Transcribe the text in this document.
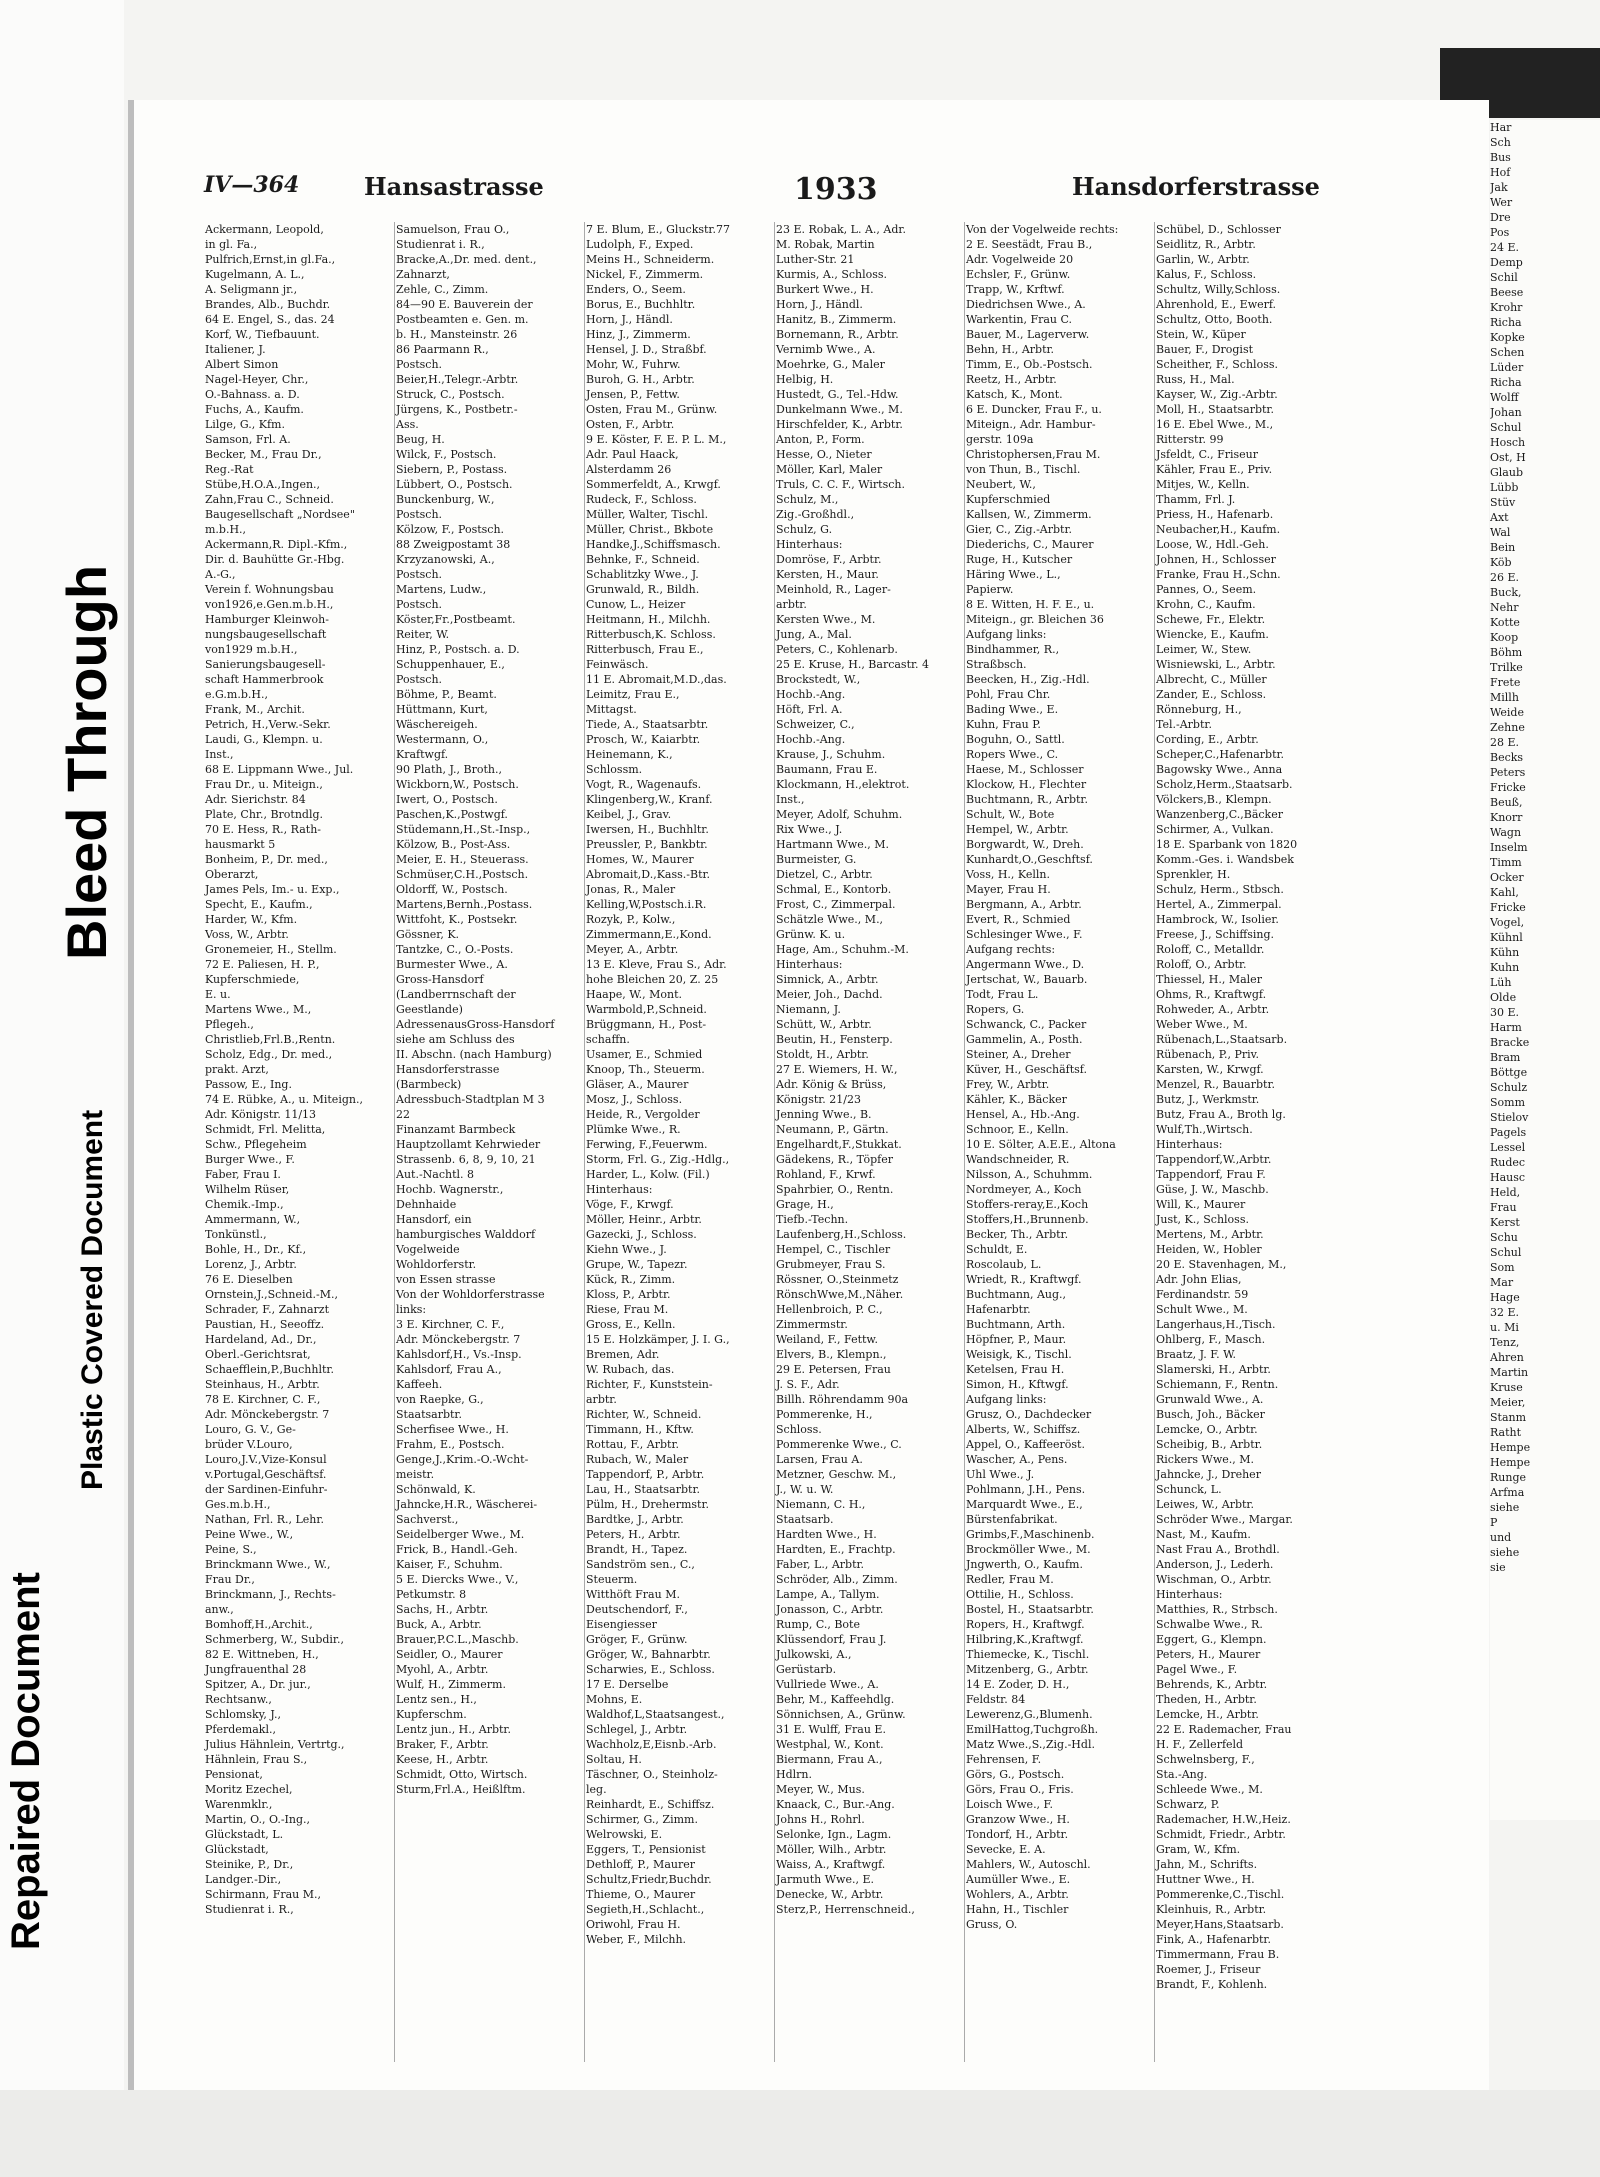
Repaired Document
Plastic Covered Document
Bleed Through
IV—364	Hansastrasse	1933	Hansdorferstrasse
Ackermann, Leopold,
in gl. Fa.,
Pulfrich,Ernst,in gl.Fa.,
Kugelmann, A. L.,
A. Seligmann jr.,
Brandes, Alb., Buchdr.
64 E. Engel, S., das. 24
Korf, W., Tiefbauunt.
Italiener, J.
Albert Simon
Nagel-Heyer, Chr.,
O.-Bahnass. a. D.
Fuchs, A., Kaufm.
Lilge, G., Kfm.
Samson, Frl. A.
Becker, M., Frau Dr.,
Reg.-Rat
Stübe,H.O.A.,Ingen.,
Zahn,Frau C., Schneid.
Baugesellschaft „Nordsee"
m.b.H.,
Ackermann,R. Dipl.-Kfm.,
Dir. d. Bauhütte Gr.-Hbg.
A.-G.,
Verein f. Wohnungsbau
von1926,e.Gen.m.b.H.,
Hamburger Kleinwoh-
nungsbaugesellschaft
von1929 m.b.H.,
Sanierungsbaugesell-
schaft Hammerbrook
e.G.m.b.H.,
Frank, M., Archit.
Petrich, H.,Verw.-Sekr.
Laudi, G., Klempn. u.
Inst.,
68 E. Lippmann Wwe., Jul.
Frau Dr., u. Miteign.,
Adr. Sierichstr. 84
Plate, Chr., Brotndlg.
70 E. Hess, R., Rath-
hausmarkt 5
Bonheim, P., Dr. med.,
Oberarzt,
James Pels, Im.- u. Exp.,
Specht, E., Kaufm.,
Harder, W., Kfm.
Voss, W., Arbtr.
Gronemeier, H., Stellm.
72 E. Paliesen, H. P.,
Kupferschmiede,
E. u.
Martens Wwe., M.,
Pflegeh.,
Christlieb,Frl.B.,Rentn.
Scholz, Edg., Dr. med.,
prakt. Arzt,
Passow, E., Ing.
74 E. Rübke, A., u. Miteign.,
Adr. Königstr. 11/13
Schmidt, Frl. Melitta,
Schw., Pflegeheim
Burger Wwe., F.
Faber, Frau I.
Wilhelm Rüser,
Chemik.-Imp.,
Ammermann, W.,
Tonkünstl.,
Bohle, H., Dr., Kf.,
Lorenz, J., Arbtr.
76 E. Dieselben
Ornstein,J.,Schneid.-M.,
Schrader, F., Zahnarzt
Paustian, H., Seeoffz.
Hardeland, Ad., Dr.,
Oberl.-Gerichtsrat,
Schaefflein,P.,Buchhltr.
Steinhaus, H., Arbtr.
78 E. Kirchner, C. F.,
Adr. Mönckebergstr. 7
Louro, G. V., Ge-
brüder V.Louro,
Louro,J.V.,Vize-Konsul
v.Portugal,Geschäftsf.
der Sardinen-Einfuhr-
Ges.m.b.H.,
Nathan, Frl. R., Lehr.
Peine Wwe., W.,
Peine, S.,
Brinckmann Wwe., W.,
Frau Dr.,
Brinckmann, J., Rechts-
anw.,
Bomhoff,H.,Archit.,
Schmerberg, W., Subdir.,
82 E. Wittneben, H.,
Jungfrauenthal 28
Spitzer, A., Dr. jur.,
Rechtsanw.,
Schlomsky, J.,
Pferdemakl.,
Julius Hähnlein, Vertrtg.,
Hähnlein, Frau S.,
Pensionat,
Moritz Ezechel,
Warenmklr.,
Martin, O., O.-Ing.,
Glückstadt, L.
Glückstadt,
Steinike, P., Dr.,
Landger.-Dir.,
Schirmann, Frau M.,
Studienrat i. R.,
Samuelson, Frau O.,
Studienrat i. R.,
Bracke,A.,Dr. med. dent.,
Zahnarzt,
Zehle, C., Zimm.
84—90 E. Bauverein der
Postbeamten e. Gen. m.
b. H., Mansteinstr. 26
86 Paarmann R.,
Postsch.
Beier,H.,Telegr.-Arbtr.
Struck, C., Postsch.
Jürgens, K., Postbetr.-
Ass.
Beug, H.
Wilck, F., Postsch.
Siebern, P., Postass.
Lübbert, O., Postsch.
Bunckenburg, W.,
Postsch.
Kölzow, F., Postsch.
88 Zweigpostamt 38
Krzyzanowski, A.,
Postsch.
Martens, Ludw.,
Postsch.
Köster,Fr.,Postbeamt.
Reiter, W.
Hinz, P., Postsch. a. D.
Schuppenhauer, E.,
Postsch.
Böhme, P., Beamt.
Hüttmann, Kurt,
Wäschereigeh.
Westermann, O.,
Kraftwgf.
90 Plath, J., Broth.,
Wickborn,W., Postsch.
Iwert, O., Postsch.
Paschen,K.,Postwgf.
Stüdemann,H.,St.-Insp.,
Kölzow, B., Post-Ass.
Meier, E. H., Steuerass.
Schmüser,C.H.,Postsch.
Oldorff, W., Postsch.
Martens,Bernh.,Postass.
Wittfoht, K., Postsekr.
Gössner, K.
Tantzke, C., O.-Posts.
Burmester Wwe., A.
Gross-Hansdorf
(Landberrnschaft der
Geestlande)
AdressenausGross-Hansdorf
siehe am Schluss des
II. Abschn. (nach Hamburg)
Hansdorferstrasse
(Barmbeck)
Adressbuch-Stadtplan M 3
22
Finanzamt Barmbeck
Hauptzollamt Kehrwieder
Strassenb. 6, 8, 9, 10, 21
Aut.-Nachtl. 8
Hochb. Wagnerstr.,
Dehnhaide
Hansdorf, ein
hamburgisches Walddorf
Vogelweide
Wohldorferstr.
von Essen strasse
Von der Wohldorferstrasse
links:
3 E. Kirchner, C. F.,
Adr. Mönckebergstr. 7
Kahlsdorf,H., Vs.-Insp.
Kahlsdorf, Frau A.,
Kaffeeh.
von Raepke, G.,
Staatsarbtr.
Scherfisee Wwe., H.
Frahm, E., Postsch.
Genge,J.,Krim.-O.-Wcht-
meistr.
Schönwald, K.
Jahncke,H.R., Wäscherei-
Sachverst.,
Seidelberger Wwe., M.
Frick, B., Handl.-Geh.
Kaiser, F., Schuhm.
5 E. Diercks Wwe., V.,
Petkumstr. 8
Sachs, H., Arbtr.
Buck, A., Arbtr.
Brauer,P.C.L.,Maschb.
Seidler, O., Maurer
Myohl, A., Arbtr.
Wulf, H., Zimmerm.
Lentz sen., H.,
Kupferschm.
Lentz jun., H., Arbtr.
Braker, F., Arbtr.
Keese, H., Arbtr.
Schmidt, Otto, Wirtsch.
Sturm,Frl.A., Heißlftm.
7 E. Blum, E., Gluckstr.77
Ludolph, F., Exped.
Meins H., Schneiderm.
Nickel, F., Zimmerm.
Enders, O., Seem.
Borus, E., Buchhltr.
Horn, J., Händl.
Hinz, J., Zimmerm.
Hensel, J. D., Straßbf.
Mohr, W., Fuhrw.
Buroh, G. H., Arbtr.
Jensen, P., Fettw.
Osten, Frau M., Grünw.
Osten, F., Arbtr.
9 E. Köster, F. E. P. L. M.,
Adr. Paul Haack,
Alsterdamm 26
Sommerfeldt, A., Krwgf.
Rudeck, F., Schloss.
Müller, Walter, Tischl.
Müller, Christ., Bkbote
Handke,J.,Schiffsmasch.
Behnke, F., Schneid.
Schablitzky Wwe., J.
Grunwald, R., Bildh.
Cunow, L., Heizer
Heitmann, H., Milchh.
Ritterbusch,K. Schloss.
Ritterbusch, Frau E.,
Feinwäsch.
11 E. Abromait,M.D.,das.
Leimitz, Frau E.,
Mittagst.
Tiede, A., Staatsarbtr.
Prosch, W., Kaiarbtr.
Heinemann, K.,
Schlossm.
Vogt, R., Wagenaufs.
Klingenberg,W., Kranf.
Keibel, J., Grav.
Iwersen, H., Buchhltr.
Preussler, P., Bankbtr.
Homes, W., Maurer
Abromait,D.,Kass.-Btr.
Jonas, R., Maler
Kelling,W,Postsch.i.R.
Rozyk, P., Kolw.,
Zimmermann,E.,Kond.
Meyer, A., Arbtr.
13 E. Kleve, Frau S., Adr.
hohe Bleichen 20, Z. 25
Haape, W., Mont.
Warmbold,P.,Schneid.
Brüggmann, H., Post-
schaffn.
Usamer, E., Schmied
Knoop, Th., Steuerm.
Gläser, A., Maurer
Mosz, J., Schloss.
Heide, R., Vergolder
Plümke Wwe., R.
Ferwing, F.,Feuerwm.
Storm, Frl. G., Zig.-Hdlg.,
Harder, L., Kolw. (Fil.)
Hinterhaus:
Vöge, F., Krwgf.
Möller, Heinr., Arbtr.
Gazecki, J., Schloss.
Kiehn Wwe., J.
Grupe, W., Tapezr.
Kück, R., Zimm.
Kloss, P., Arbtr.
Riese, Frau M.
Gross, E., Kelln.
15 E. Holzkämper, J. I. G.,
Bremen, Adr.
W. Rubach, das.
Richter, F., Kunststein-
arbtr.
Richter, W., Schneid.
Timmann, H., Kftw.
Rottau, F., Arbtr.
Rubach, W., Maler
Tappendorf, P., Arbtr.
Lau, H., Staatsarbtr.
Pülm, H., Drehermstr.
Bardtke, J., Arbtr.
Peters, H., Arbtr.
Brandt, H., Tapez.
Sandström sen., C.,
Steuerm.
Witthöft Frau M.
Deutschendorf, F.,
Eisengiesser
Gröger, F., Grünw.
Gröger, W., Bahnarbtr.
Scharwies, E., Schloss.
17 E. Derselbe
Mohns, E.
Waldhof,L,Staatsangest.,
Schlegel, J., Arbtr.
Wachholz,E,Eisnb.-Arb.
Soltau, H.
Täschner, O., Steinholz-
leg.
Reinhardt, E., Schiffsz.
Schirmer, G., Zimm.
Welrowski, E.
Eggers, T., Pensionist
Dethloff, P., Maurer
Schultz,Friedr,Buchdr.
Thieme, O., Maurer
Segieth,H.,Schlacht.,
Oriwohl, Frau H.
Weber, F., Milchh.
23 E. Robak, L. A., Adr.
M. Robak, Martin
Luther-Str. 21
Kurmis, A., Schloss.
Burkert Wwe., H.
Horn, J., Händl.
Hanitz, B., Zimmerm.
Bornemann, R., Arbtr.
Vernimb Wwe., A.
Moehrke, G., Maler
Helbig, H.
Hustedt, G., Tel.-Hdw.
Dunkelmann Wwe., M.
Hirschfelder, K., Arbtr.
Anton, P., Form.
Hesse, O., Nieter
Möller, Karl, Maler
Truls, C. C. F., Wirtsch.
Schulz, M.,
Zig.-Großhdl.,
Schulz, G.
Hinterhaus:
Domröse, F., Arbtr.
Kersten, H., Maur.
Meinhold, R., Lager-
arbtr.
Kersten Wwe., M.
Jung, A., Mal.
Peters, C., Kohlenarb.
25 E. Kruse, H., Barcastr. 4
Brockstedt, W.,
Hochb.-Ang.
Höft, Frl. A.
Schweizer, C.,
Hochb.-Ang.
Krause, J., Schuhm.
Baumann, Frau E.
Klockmann, H.,elektrot.
Inst.,
Meyer, Adolf, Schuhm.
Rix Wwe., J.
Hartmann Wwe., M.
Burmeister, G.
Dietzel, C., Arbtr.
Schmal, E., Kontorb.
Frost, C., Zimmerpal.
Schätzle Wwe., M.,
Grünw. K. u.
Hage, Am., Schuhm.-M.
Hinterhaus:
Simnick, A., Arbtr.
Meier, Joh., Dachd.
Niemann, J.
Schütt, W., Arbtr.
Beutin, H., Fensterp.
Stoldt, H., Arbtr.
27 E. Wiemers, H. W.,
Adr. König & Brüss,
Königstr. 21/23
Jenning Wwe., B.
Neumann, P., Gärtn.
Engelhardt,F.,Stukkat.
Gädekens, R., Töpfer
Rohland, F., Krwf.
Spahrbier, O., Rentn.
Grage, H.,
Tiefb.-Techn.
Laufenberg,H.,Schloss.
Hempel, C., Tischler
Grubmeyer, Frau S.
Rössner, O.,Steinmetz
RönschWwe,M.,Näher.
Hellenbroich, P. C.,
Zimmermstr.
Weiland, F., Fettw.
Elvers, B., Klempn.,
29 E. Petersen, Frau
J. S. F., Adr.
Billh. Röhrendamm 90a
Pommerenke, H.,
Schloss.
Pommerenke Wwe., C.
Larsen, Frau A.
Metzner, Geschw. M.,
J., W. u. W.
Niemann, C. H.,
Staatsarb.
Hardten Wwe., H.
Hardten, E., Frachtp.
Faber, L., Arbtr.
Schröder, Alb., Zimm.
Lampe, A., Tallym.
Jonasson, C., Arbtr.
Rump, C., Bote
Klüssendorf, Frau J.
Julkowski, A.,
Gerüstarb.
Vullriede Wwe., A.
Behr, M., Kaffeehdlg.
Sönnichsen, A., Grünw.
31 E. Wulff, Frau E.
Westphal, W., Kont.
Biermann, Frau A.,
Hdlrn.
Meyer, W., Mus.
Knaack, C., Bur.-Ang.
Johns H., Rohrl.
Selonke, Ign., Lagm.
Möller, Wilh., Arbtr.
Waiss, A., Kraftwgf.
Jarmuth Wwe., E.
Denecke, W., Arbtr.
Sterz,P., Herrenschneid.,
Von der Vogelweide rechts:
2 E. Seestädt, Frau B.,
Adr. Vogelweide 20
Echsler, F., Grünw.
Trapp, W., Krftwf.
Diedrichsen Wwe., A.
Warkentin, Frau C.
Bauer, M., Lagerverw.
Behn, H., Arbtr.
Timm, E., Ob.-Postsch.
Reetz, H., Arbtr.
Katsch, K., Mont.
6 E. Duncker, Frau F., u.
Miteign., Adr. Hambur-
gerstr. 109a
Christophersen,Frau M.
von Thun, B., Tischl.
Neubert, W.,
Kupferschmied
Kallsen, W., Zimmerm.
Gier, C., Zig.-Arbtr.
Diederichs, C., Maurer
Ruge, H., Kutscher
Häring Wwe., L.,
Papierw.
8 E. Witten, H. F. E., u.
Miteign., gr. Bleichen 36
Aufgang links:
Bindhammer, R.,
Straßbsch.
Beecken, H., Zig.-Hdl.
Pohl, Frau Chr.
Bading Wwe., E.
Kuhn, Frau P.
Boguhn, O., Sattl.
Ropers Wwe., C.
Haese, M., Schlosser
Klockow, H., Flechter
Buchtmann, R., Arbtr.
Schult, W., Bote
Hempel, W., Arbtr.
Borgwardt, W., Dreh.
Kunhardt,O.,Geschftsf.
Voss, H., Kelln.
Mayer, Frau H.
Bergmann, A., Arbtr.
Evert, R., Schmied
Schlesinger Wwe., F.
Aufgang rechts:
Angermann Wwe., D.
Jertschat, W., Bauarb.
Todt, Frau L.
Ropers, G.
Schwanck, C., Packer
Gammelin, A., Posth.
Steiner, A., Dreher
Küver, H., Geschäftsf.
Frey, W., Arbtr.
Kähler, K., Bäcker
Hensel, A., Hb.-Ang.
Schnoor, E., Kelln.
10 E. Sölter, A.E.E., Altona
Wandschneider, R.
Nilsson, A., Schuhmm.
Nordmeyer, A., Koch
Stoffers-reray,E.,Koch
Stoffers,H.,Brunnenb.
Becker, Th., Arbtr.
Schuldt, E.
Roscolaub, L.
Wriedt, R., Kraftwgf.
Buchtmann, Aug.,
Hafenarbtr.
Buchtmann, Arth.
Höpfner, P., Maur.
Weisigk, K., Tischl.
Ketelsen, Frau H.
Simon, H., Kftwgf.
Aufgang links:
Grusz, O., Dachdecker
Alberts, W., Schiffsz.
Appel, O., Kaffeeröst.
Wascher, A., Pens.
Uhl Wwe., J.
Pohlmann, J.H., Pens.
Marquardt Wwe., E.,
Bürstenfabrikat.
Grimbs,F.,Maschinenb.
Brockmöller Wwe., M.
Jngwerth, O., Kaufm.
Redler, Frau M.
Ottilie, H., Schloss.
Bostel, H., Staatsarbtr.
Ropers, H., Kraftwgf.
Hilbring,K.,Kraftwgf.
Thiemecke, K., Tischl.
Mitzenberg, G., Arbtr.
14 E. Zoder, D. H.,
Feldstr. 84
Lewerenz,G.,Blumenh.
EmilHattog,Tuchgroßh.
Matz Wwe.,S.,Zig.-Hdl.
Fehrensen, F.
Görs, G., Postsch.
Görs, Frau O., Fris.
Loisch Wwe., F.
Granzow Wwe., H.
Tondorf, H., Arbtr.
Sevecke, E. A.
Mahlers, W., Autoschl.
Aumüller Wwe., E.
Wohlers, A., Arbtr.
Hahn, H., Tischler
Gruss, O.
Schübel, D., Schlosser
Seidlitz, R., Arbtr.
Garlin, W., Arbtr.
Kalus, F., Schloss.
Schultz, Willy,Schloss.
Ahrenhold, E., Ewerf.
Schultz, Otto, Booth.
Stein, W., Küper
Bauer, F., Drogist
Scheither, F., Schloss.
Russ, H., Mal.
Kayser, W., Zig.-Arbtr.
Moll, H., Staatsarbtr.
16 E. Ebel Wwe., M.,
Ritterstr. 99
Jsfeldt, C., Friseur
Kähler, Frau E., Priv.
Mitjes, W., Kelln.
Thamm, Frl. J.
Priess, H., Hafenarb.
Neubacher,H., Kaufm.
Loose, W., Hdl.-Geh.
Johnen, H., Schlosser
Franke, Frau H.,Schn.
Pannes, O., Seem.
Krohn, C., Kaufm.
Schewe, Fr., Elektr.
Wiencke, E., Kaufm.
Leimer, W., Stew.
Wisniewski, L., Arbtr.
Albrecht, C., Müller
Zander, E., Schloss.
Rönneburg, H.,
Tel.-Arbtr.
Cording, E., Arbtr.
Scheper,C.,Hafenarbtr.
Bagowsky Wwe., Anna
Scholz,Herm.,Staatsarb.
Völckers,B., Klempn.
Wanzenberg,C.,Bäcker
Schirmer, A., Vulkan.
18 E. Sparbank von 1820
Komm.-Ges. i. Wandsbek
Sprenkler, H.
Schulz, Herm., Stbsch.
Hertel, A., Zimmerpal.
Hambrock, W., Isolier.
Freese, J., Schiffsing.
Roloff, C., Metalldr.
Roloff, O., Arbtr.
Thiessel, H., Maler
Ohms, R., Kraftwgf.
Rohweder, A., Arbtr.
Weber Wwe., M.
Rübenach,L.,Staatsarb.
Rübenach, P., Priv.
Karsten, W., Krwgf.
Menzel, R., Bauarbtr.
Butz, J., Werkmstr.
Butz, Frau A., Broth lg.
Wulf,Th.,Wirtsch.
Hinterhaus:
Tappendorf,W.,Arbtr.
Tappendorf, Frau F.
Güse, J. W., Maschb.
Will, K., Maurer
Just, K., Schloss.
Mertens, M., Arbtr.
Heiden, W., Hobler
20 E. Stavenhagen, M.,
Adr. John Elias,
Ferdinandstr. 59
Schult Wwe., M.
Langerhaus,H.,Tisch.
Ohlberg, F., Masch.
Braatz, J. F. W.
Slamerski, H., Arbtr.
Schiemann, F., Rentn.
Grunwald Wwe., A.
Busch, Joh., Bäcker
Lemcke, O., Arbtr.
Scheibig, B., Arbtr.
Rickers Wwe., M.
Jahncke, J., Dreher
Schunck, L.
Leiwes, W., Arbtr.
Schröder Wwe., Margar.
Nast, M., Kaufm.
Nast Frau A., Brothdl.
Anderson, J., Lederh.
Wischman, O., Arbtr.
Hinterhaus:
Matthies, R., Strbsch.
Schwalbe Wwe., R.
Eggert, G., Klempn.
Peters, H., Maurer
Pagel Wwe., F.
Behrends, K., Arbtr.
Theden, H., Arbtr.
Lemcke, H., Arbtr.
22 E. Rademacher, Frau
H. F., Zellerfeld
Schwelnsberg, F.,
Sta.-Ang.
Schleede Wwe., M.
Schwarz, P.
Rademacher, H.W.,Heiz.
Schmidt, Friedr., Arbtr.
Gram, W., Kfm.
Jahn, M., Schrifts.
Huttner Wwe., H.
Pommerenke,C.,Tischl.
Kleinhuis, R., Arbtr.
Meyer,Hans,Staatsarb.
Fink, A., Hafenarbtr.
Timmermann, Frau B.
Roemer, J., Friseur
Brandt, F., Kohlenh.
Har
Sch
Bus
Hof
Jak
Wer
Dre
Pos
24 E.
Demp
Schil
Beese
Krohr
Richa
Kopke
Schen
Lüder
Richa
Wolff
Johan
Schul
Hosch
Ost, H
Glaub
Lübb
Stüv
Axt
Wal
Bein
Köb
26 E.
Buck,
Nehr
Kotte
Koop
Böhm
Trilke
Frete
Millh
Weide
Zehne
28 E.
Becks
Peters
Fricke
Beuß,
Knorr
Wagn
Inselm
Timm
Ocker
Kahl,
Fricke
Vogel,
Kühnl
Kühn
Kuhn
Lüh
Olde
30 E.
Harm
Bracke
Bram
Böttge
Schulz
Somm
Stielov
Pagels
Lessel
Rudec
Hausc
Held,
Frau
Kerst
Schu
Schul
Som
Mar
Hage
32 E.
u. Mi
Tenz,
Ahren
Martin
Kruse
Meier,
Stanm
Ratht
Hempe
Hempe
Runge
Arfma
siehe
P
und
siehe
sie
